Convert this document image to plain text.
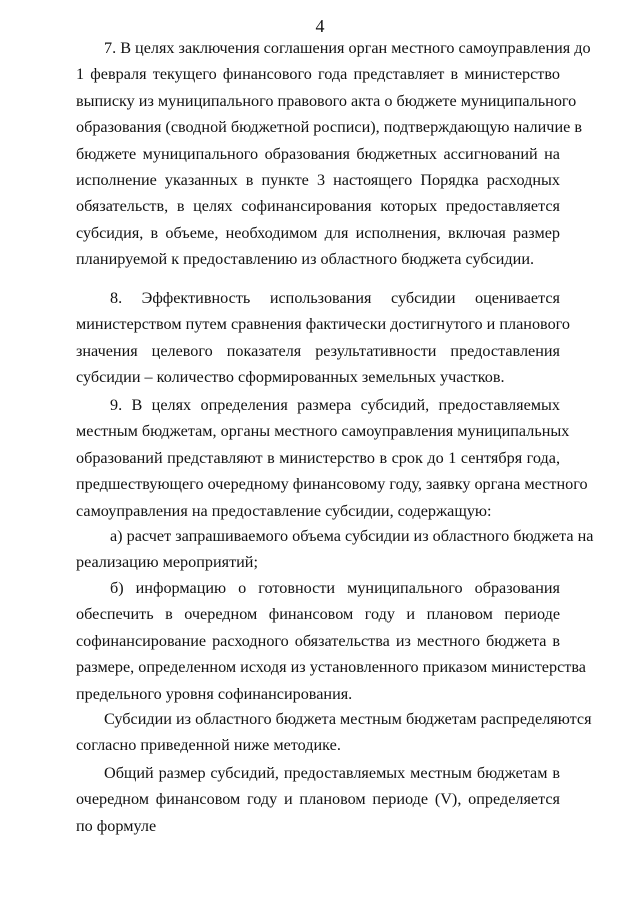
4
7. В целях заключения соглашения орган местного самоуправления до
1 февраля текущего финансового года представляет в министерство
выписку из муниципального правового акта о бюджете муниципального
образования (сводной бюджетной росписи), подтверждающую наличие в
бюджете муниципального образования бюджетных ассигнований на
исполнение указанных в пункте 3 настоящего Порядка расходных
обязательств, в целях софинансирования которых предоставляется
субсидия, в объеме, необходимом для исполнения, включая размер
планируемой к предоставлению из областного бюджета субсидии.
8. Эффективность использования субсидии оценивается
министерством путем сравнения фактически достигнутого и планового
значения целевого показателя результативности предоставления
субсидии – количество сформированных земельных участков.
9. В целях определения размера субсидий, предоставляемых
местным бюджетам, органы местного самоуправления муниципальных
образований представляют в министерство в срок до 1 сентября года,
предшествующего очередному финансовому году, заявку органа местного
самоуправления на предоставление субсидии, содержащую:
а) расчет запрашиваемого объема субсидии из областного бюджета на
реализацию мероприятий;
б) информацию о готовности муниципального образования
обеспечить в очередном финансовом году и плановом периоде
софинансирование расходного обязательства из местного бюджета в
размере, определенном исходя из установленного приказом министерства
предельного уровня софинансирования.
Субсидии из областного бюджета местным бюджетам распределяются
согласно приведенной ниже методике.
Общий размер субсидий, предоставляемых местным бюджетам в
очередном финансовом году и плановом периоде (V), определяется
по формуле
